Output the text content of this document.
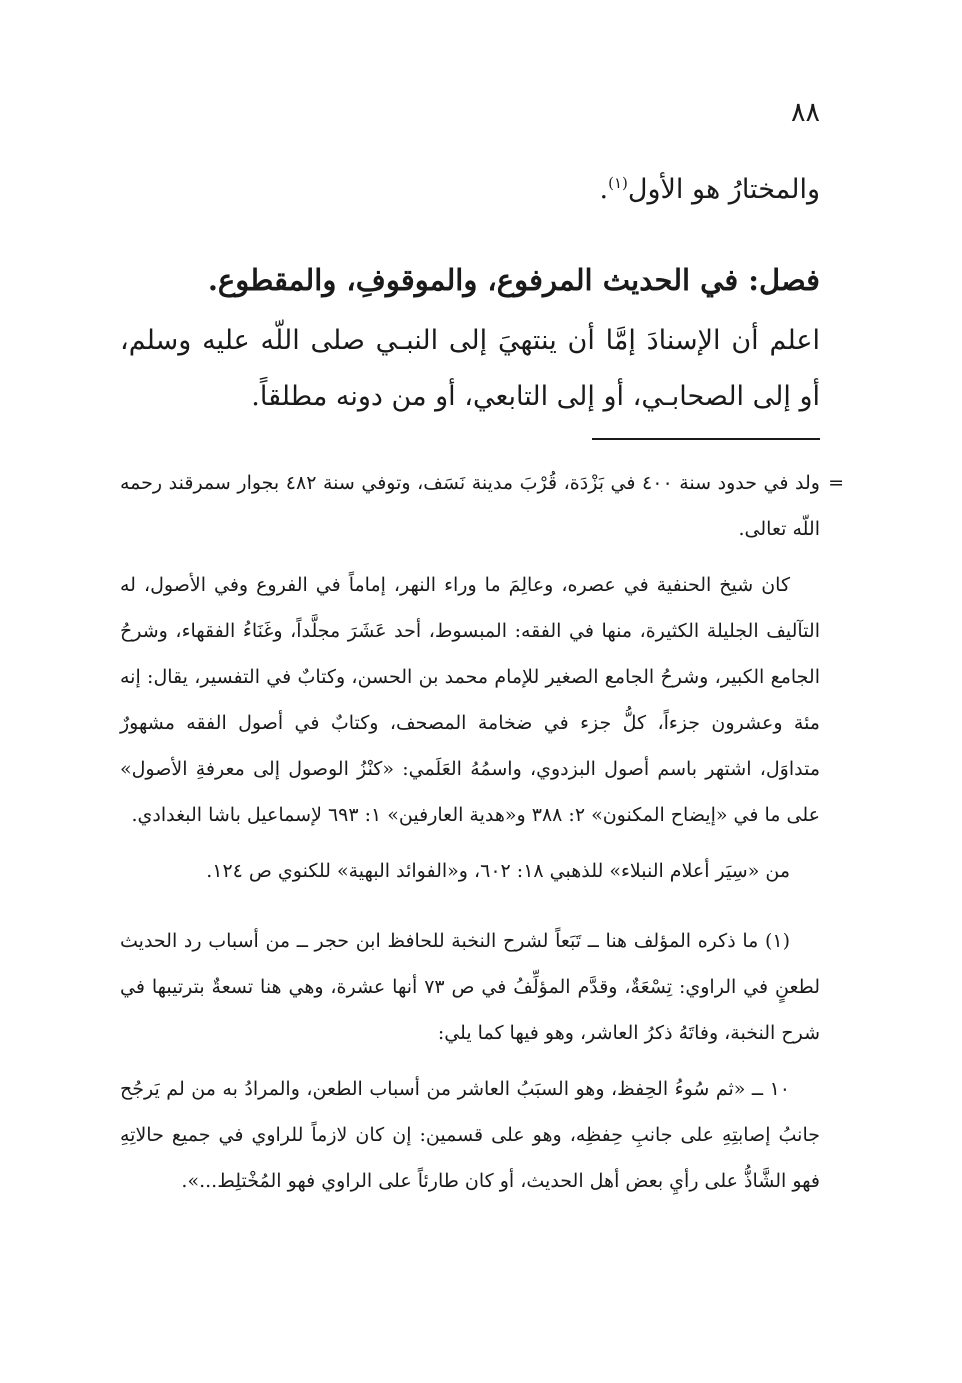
٨٨

والمختارُ هو الأول$^{(١)}$.

فصل: في الحديث المرفوع، والموقوفِ، والمقطوع.

اعلم أن الإسنادَ إمَّا أن ينتهيَ إلى النبـي صلى اللّه عليه وسلم، أو إلى الصحابـي، أو إلى التابعي، أو من دونه مطلقاً.

=
ولد في حدود سنة ٤٠٠ في بَزْدَة، قُرْبَ مدينة نَسَف، وتوفي سنة ٤٨٢ بجوار سمرقند رحمه اللّه تعالى.

كان شيخ الحنفية في عصره، وعالِمَ ما وراء النهر، إماماً في الفروع وفي الأصول، له التآليف الجليلة الكثيرة، منها في الفقه: المبسوط، أحد عَشَرَ مجلَّداً، وغَنَاءُ الفقهاء، وشرحُ الجامع الكبير، وشرحُ الجامع الصغير للإمام محمد بن الحسن، وكتابٌ في التفسير، يقال: إنه مئة وعشرون جزءاً، كلُّ جزء في ضخامة المصحف، وكتابٌ في أصول الفقه مشهورٌ متداوَل، اشتهر باسم أصول البزدوي، واسمُهُ العَلَمي: «كنْزُ الوصول إلى معرفةِ الأصول» على ما في «إيضاح المكنون» ٢: ٣٨٨ و«هدية العارفين» ١: ٦٩٣ لإسماعيل باشا البغدادي.

من «سِيَر أعلام النبلاء» للذهبي ١٨: ٦٠٢، و«الفوائد البهية» للكنوي ص ١٢٤.

(١) ما ذكره المؤلف هنا ــ تَبَعاً لشرح النخبة للحافظ ابن حجر ــ من أسباب رد الحديث لطعنٍ في الراوي: تِسْعَةٌ، وقدَّم المؤلِّفُ في ص ٧٣ أنها عشرة، وهي هنا تسعةٌ بترتيبها في شرح النخبة، وفاتَهُ ذكرُ العاشر، وهو فيها كما يلي:

١٠ ــ «ثم سُوءُ الحِفظ، وهو السبَبُ العاشر من أسباب الطعن، والمرادُ به من لم يَرجُح جانبُ إصابتِهِ على جانبِ حِفظِه، وهو على قسمين: إن كان لازماً للراوي في جميع حالاتِهِ فهو الشَّاذُّ على رأيِ بعض أهل الحديث، أو كان طارئاً على الراوي فهو المُخْتلِط...».
